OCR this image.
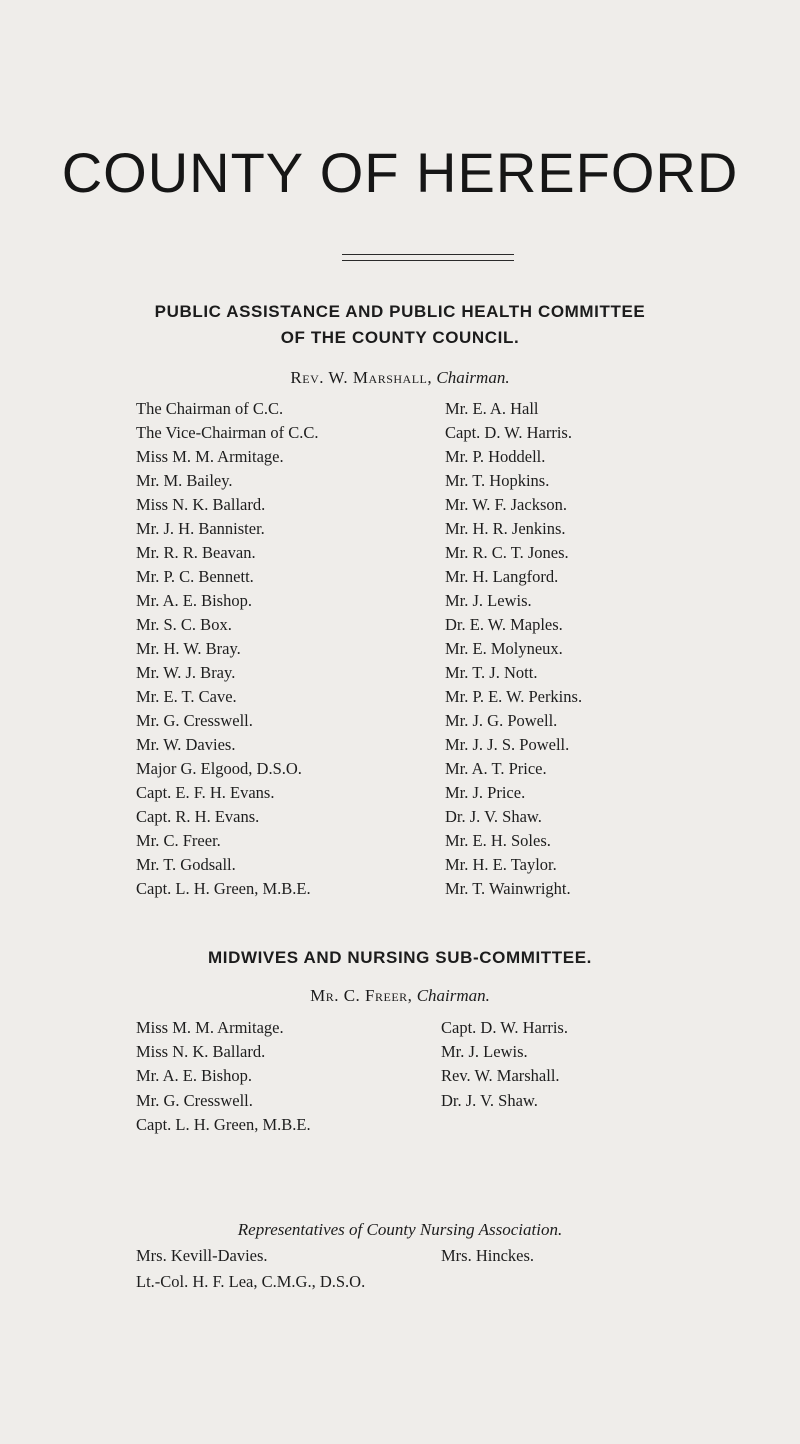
COUNTY OF HEREFORD
PUBLIC ASSISTANCE AND PUBLIC HEALTH COMMITTEE
OF THE COUNTY COUNCIL.
Rev. W. Marshall, Chairman.
The Chairman of C.C.
The Vice-Chairman of C.C.
Miss M. M. Armitage.
Mr. M. Bailey.
Miss N. K. Ballard.
Mr. J. H. Bannister.
Mr. R. R. Beavan.
Mr. P. C. Bennett.
Mr. A. E. Bishop.
Mr. S. C. Box.
Mr. H. W. Bray.
Mr. W. J. Bray.
Mr. E. T. Cave.
Mr. G. Cresswell.
Mr. W. Davies.
Major G. Elgood, D.S.O.
Capt. E. F. H. Evans.
Capt. R. H. Evans.
Mr. C. Freer.
Mr. T. Godsall.
Capt. L. H. Green, M.B.E.
Mr. E. A. Hall
Capt. D. W. Harris.
Mr. P. Hoddell.
Mr. T. Hopkins.
Mr. W. F. Jackson.
Mr. H. R. Jenkins.
Mr. R. C. T. Jones.
Mr. H. Langford.
Mr. J. Lewis.
Dr. E. W. Maples.
Mr. E. Molyneux.
Mr. T. J. Nott.
Mr. P. E. W. Perkins.
Mr. J. G. Powell.
Mr. J. J. S. Powell.
Mr. A. T. Price.
Mr. J. Price.
Dr. J. V. Shaw.
Mr. E. H. Soles.
Mr. H. E. Taylor.
Mr. T. Wainwright.
MIDWIVES AND NURSING SUB-COMMITTEE.
Mr. C. Freer, Chairman.
Miss M. M. Armitage.
Miss N. K. Ballard.
Mr. A. E. Bishop.
Mr. G. Cresswell.
Capt. L. H. Green, M.B.E.
Capt. D. W. Harris.
Mr. J. Lewis.
Rev. W. Marshall.
Dr. J. V. Shaw.
Representatives of County Nursing Association.
Mrs. Kevill-Davies.	Mrs. Hinckes.
Lt.-Col. H. F. Lea, C.M.G., D.S.O.
